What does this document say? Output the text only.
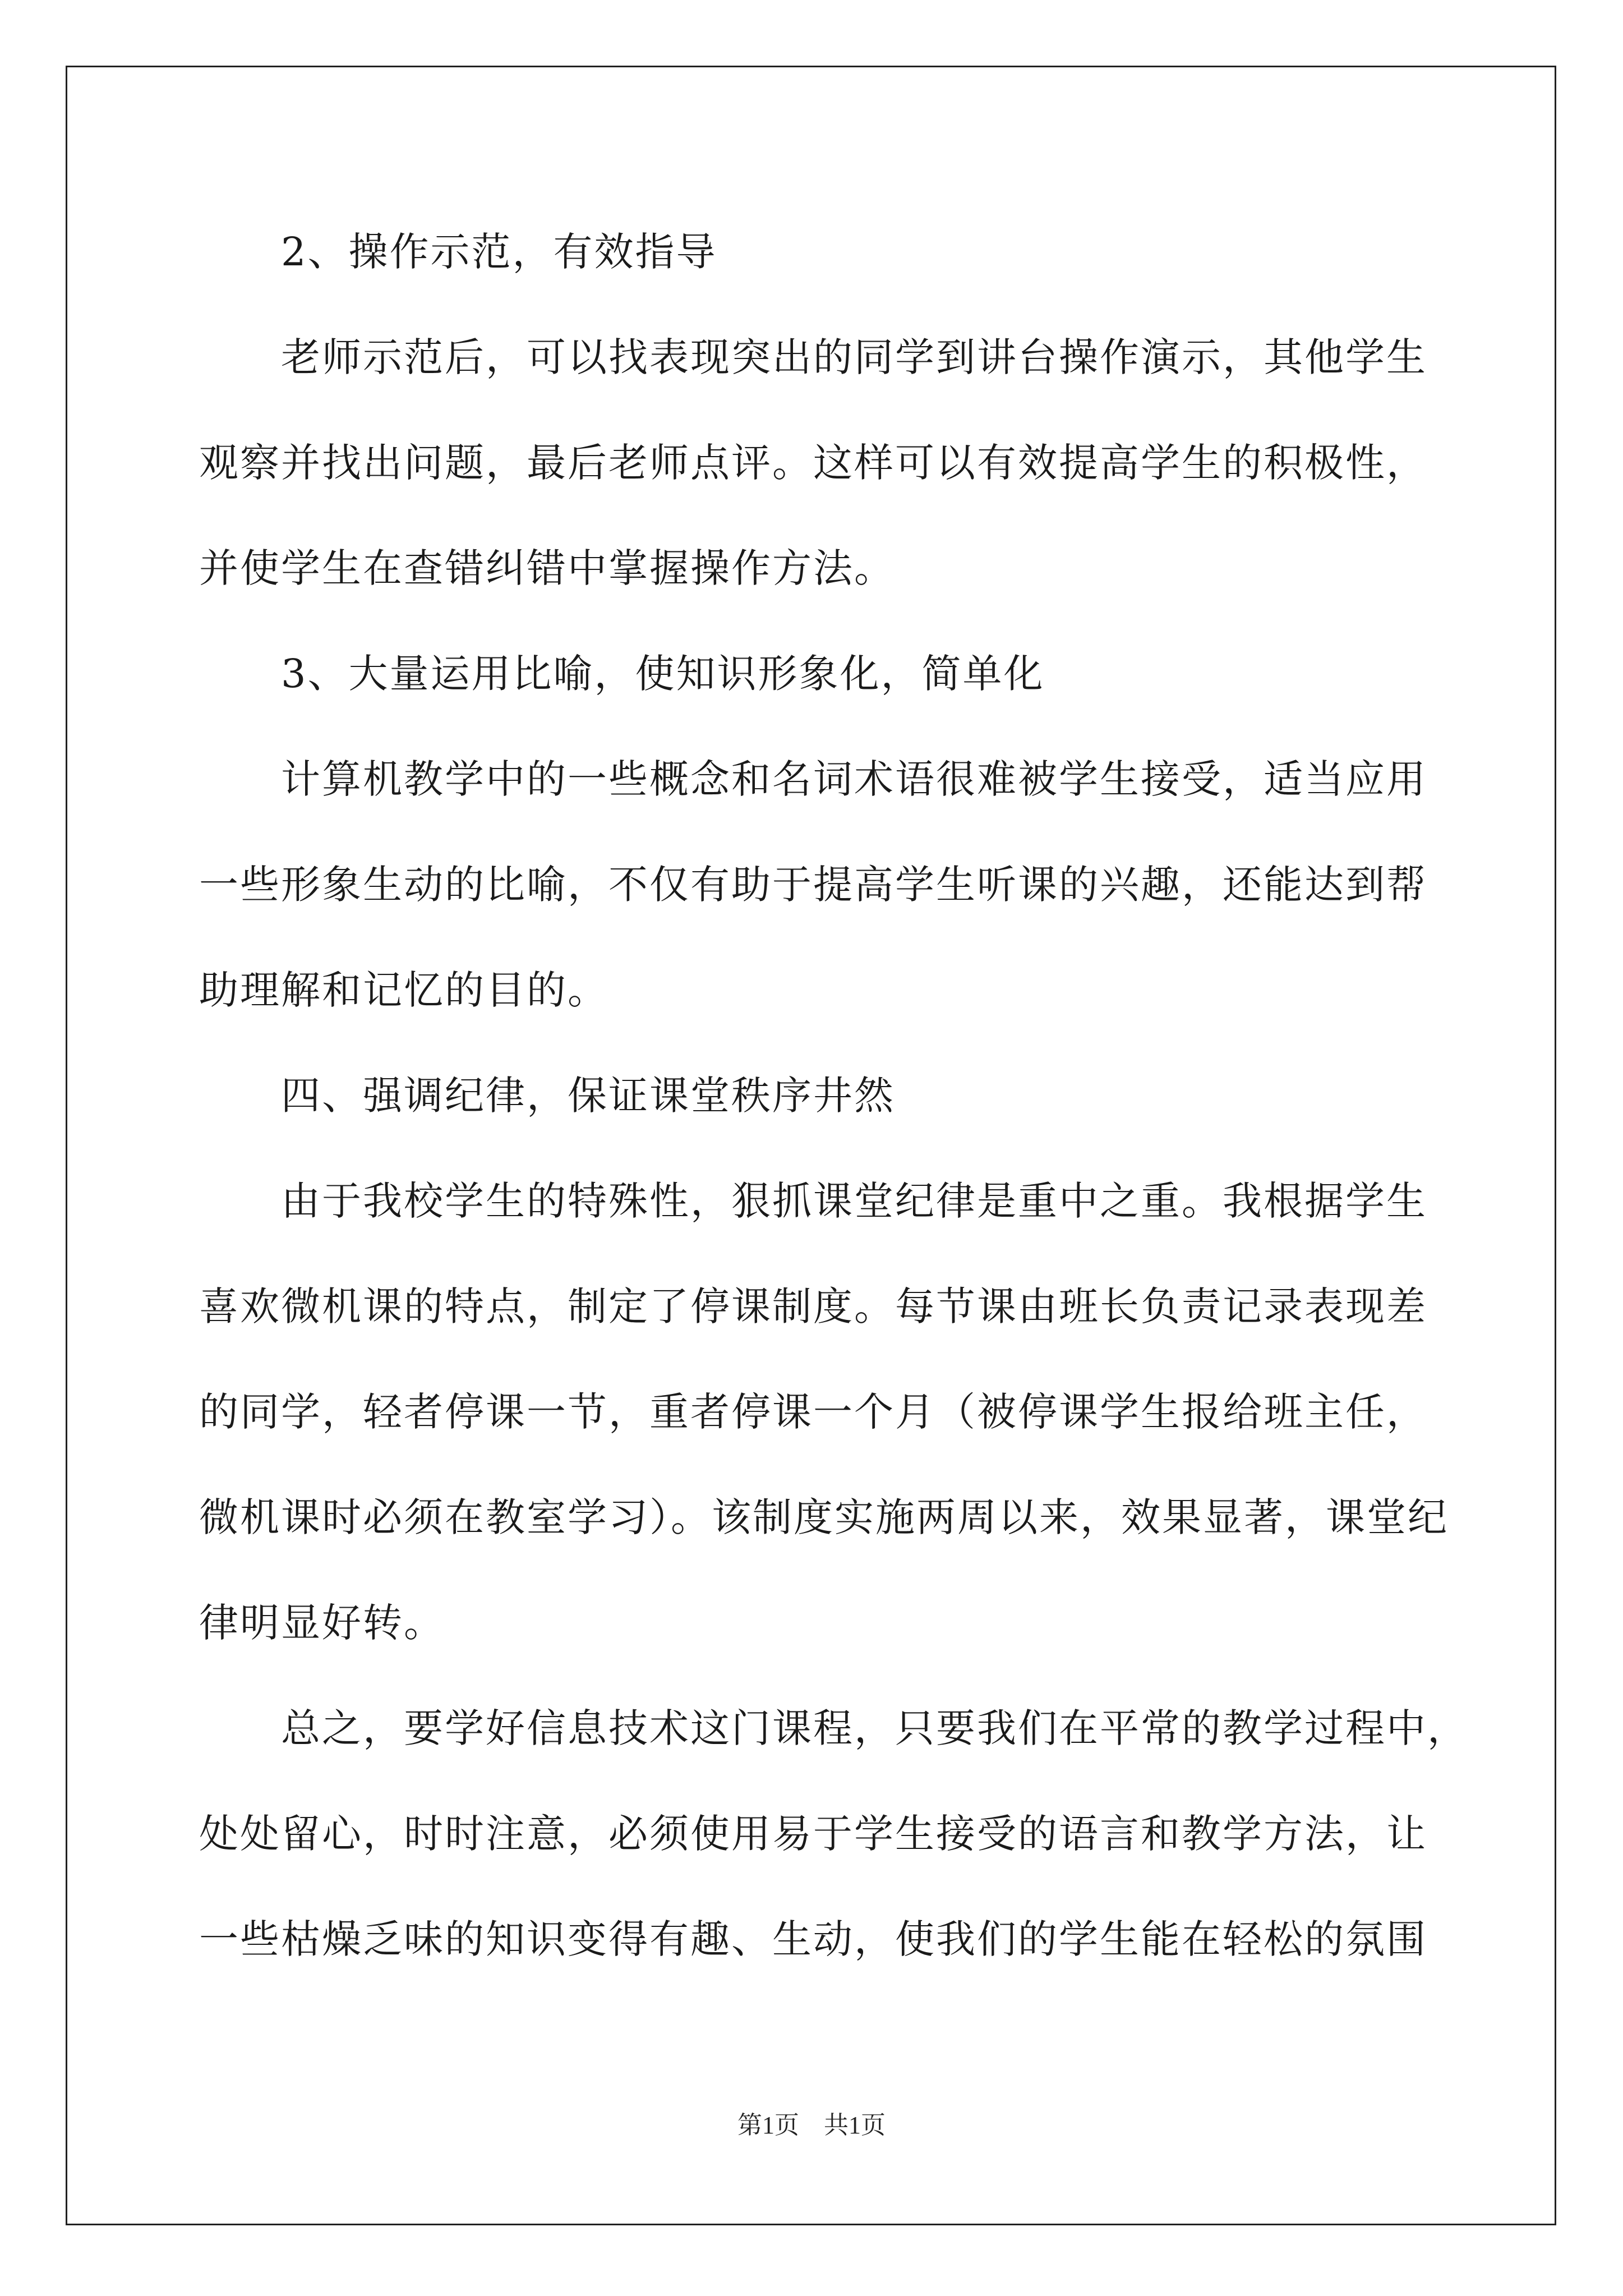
2、操作示范，有效指导
老师示范后，可以找表现突出的同学到讲台操作演示，其他学生
观察并找出问题，最后老师点评。这样可以有效提高学生的积极性，
并使学生在查错纠错中掌握操作方法。
3、大量运用比喻，使知识形象化，简单化
计算机教学中的一些概念和名词术语很难被学生接受，适当应用
一些形象生动的比喻，不仅有助于提高学生听课的兴趣，还能达到帮
助理解和记忆的目的。
四、强调纪律，保证课堂秩序井然
由于我校学生的特殊性，狠抓课堂纪律是重中之重。我根据学生
喜欢微机课的特点，制定了停课制度。每节课由班长负责记录表现差
的同学，轻者停课一节，重者停课一个月（被停课学生报给班主任，
微机课时必须在教室学习）。该制度实施两周以来，效果显著，课堂纪
律明显好转。
总之，要学好信息技术这门课程，只要我们在平常的教学过程中，
处处留心，时时注意，必须使用易于学生接受的语言和教学方法，让
一些枯燥乏味的知识变得有趣、生动，使我们的学生能在轻松的氛围
第1页　共1页
